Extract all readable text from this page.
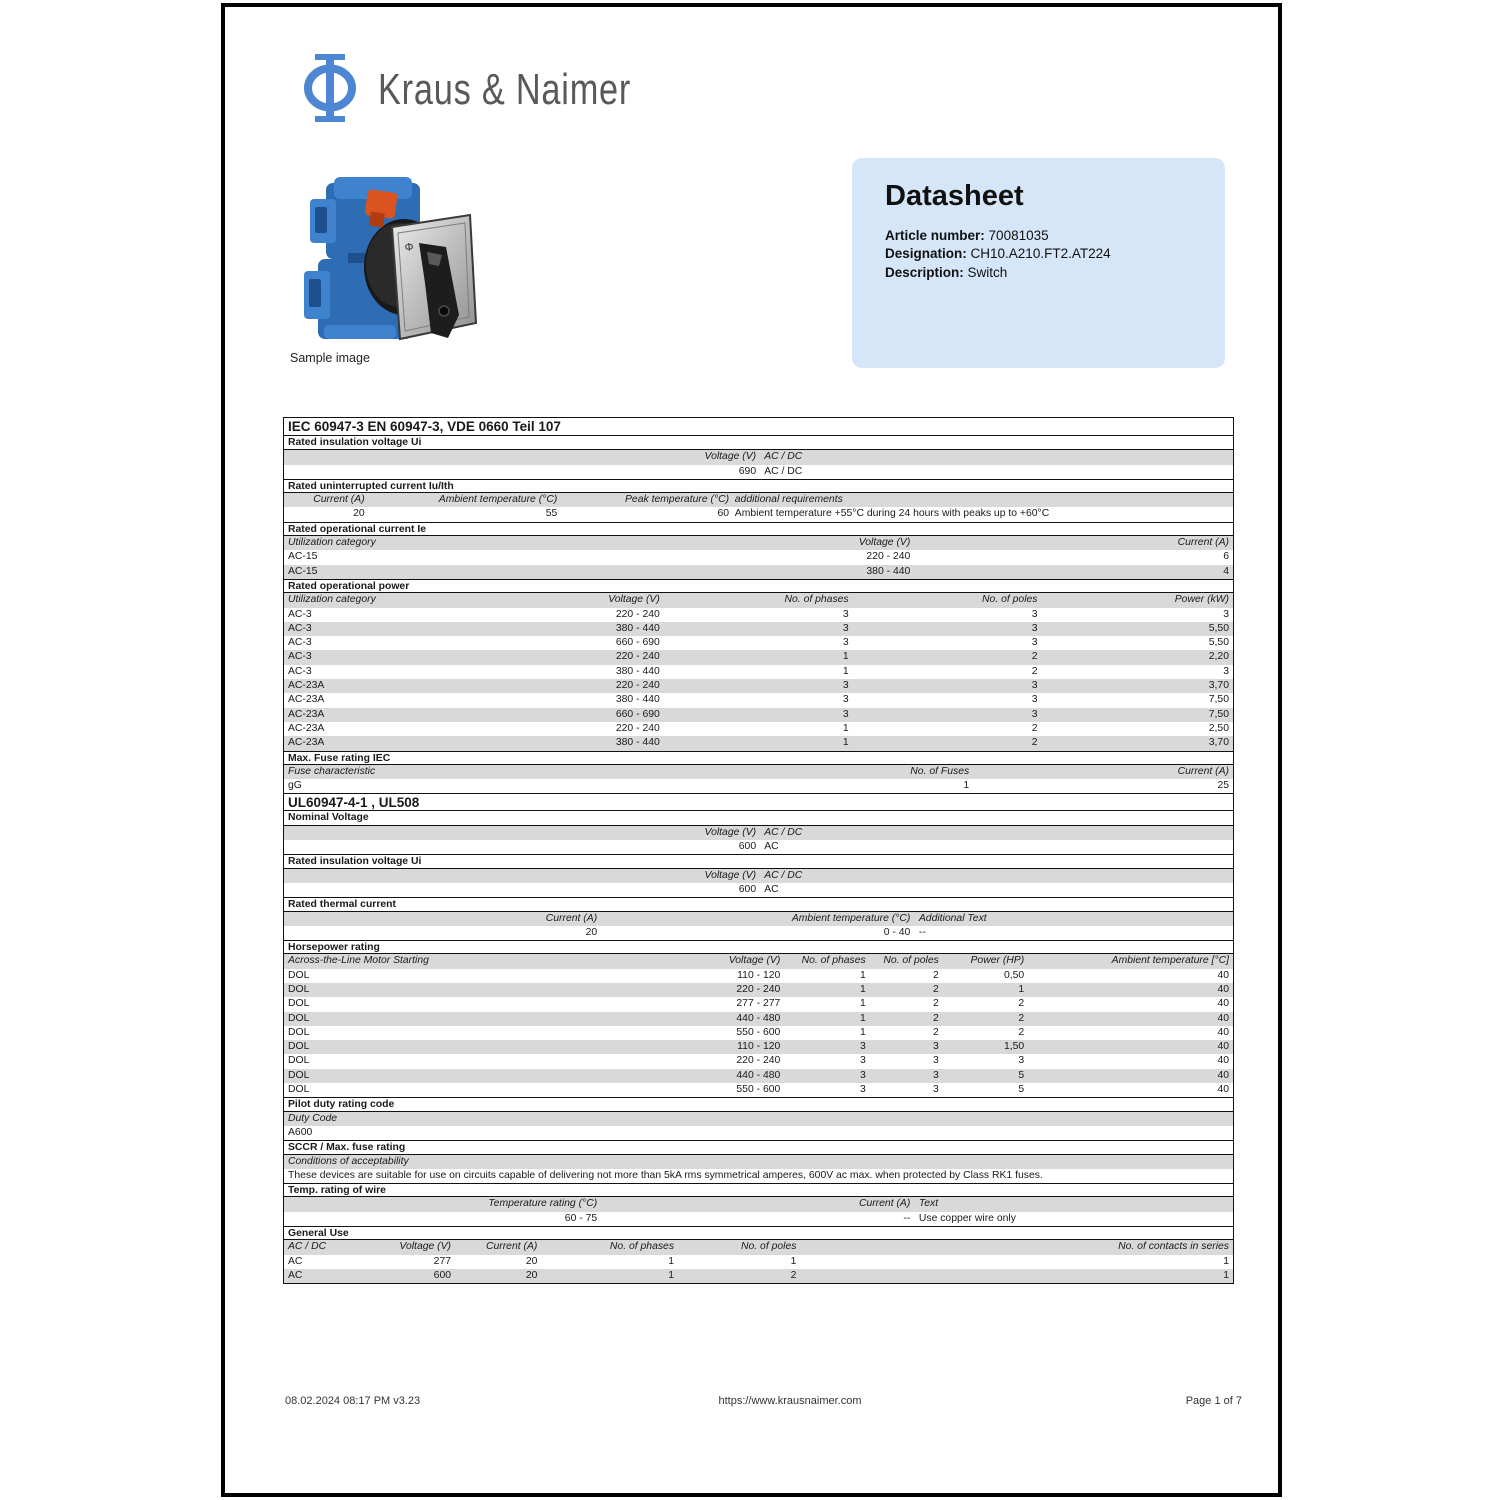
Kraus & Naimer
Φ
Sample image
Datasheet
Article number: 70081035
Designation: CH10.A210.FT2.AT224
Description: Switch
IEC 60947-3 EN 60947-3, VDE 0660 Teil 107
Rated insulation voltage Ui
Voltage (V) AC / DC
690 AC / DC
Rated uninterrupted current Iu/Ith
Current (A)	Ambient temperature (°C)	Peak temperature (°C) additional requirements
20	55	60 Ambient temperature +55°C during 24 hours with peaks up to +60°C
Rated operational current Ie
Utilization category	Voltage (V)	Current (A)
AC-15	220 - 240	6
AC-15	380 - 440	4
Rated operational power
Utilization category	Voltage (V)	No. of phases	No. of poles	Power (kW)
AC-3	220 - 240	3	3	3
AC-3	380 - 440	3	3	5,50
AC-3	660 - 690	3	3	5,50
AC-3	220 - 240	1	2	2,20
AC-3	380 - 440	1	2	3
AC-23A	220 - 240	3	3	3,70
AC-23A	380 - 440	3	3	7,50
AC-23A	660 - 690	3	3	7,50
AC-23A	220 - 240	1	2	2,50
AC-23A	380 - 440	1	2	3,70
Max. Fuse rating IEC
Fuse characteristic	No. of Fuses	Current (A)
gG	1	25
UL60947-4-1 , UL508
Nominal Voltage
Voltage (V) AC / DC
600 AC
Rated insulation voltage Ui
Voltage (V) AC / DC
600 AC
Rated thermal current
Current (A)	Ambient temperature (°C) Additional Text
20	0 - 40 --
Horsepower rating
Across-the-Line Motor Starting	Voltage (V) No. of phases	No. of poles	Power (HP)	Ambient temperature [°C]
DOL	110 - 120	1	2	0,50	40
DOL	220 - 240	1	2	1	40
DOL	277 - 277	1	2	2	40
DOL	440 - 480	1	2	2	40
DOL	550 - 600	1	2	2	40
DOL	110 - 120	3	3	1,50	40
DOL	220 - 240	3	3	3	40
DOL	440 - 480	3	3	5	40
DOL	550 - 600	3	3	5	40
Pilot duty rating code
Duty Code
A600
SCCR / Max. fuse rating
Conditions of acceptability
These devices are suitable for use on circuits capable of delivering not more than 5kA rms symmetrical amperes, 600V ac max. when protected by Class RK1 fuses.
Temp. rating of wire
Temperature rating (°C)	Current (A) Text
60 - 75	-- Use copper wire only
General Use
AC / DC	Voltage (V)	Current (A)	No. of phases	No. of poles	No. of contacts in series
AC	277	20	1	1	1
AC	600	20	1	2	1
08.02.2024 08:17 PM v3.23	https://www.krausnaimer.com	Page 1 of 7
